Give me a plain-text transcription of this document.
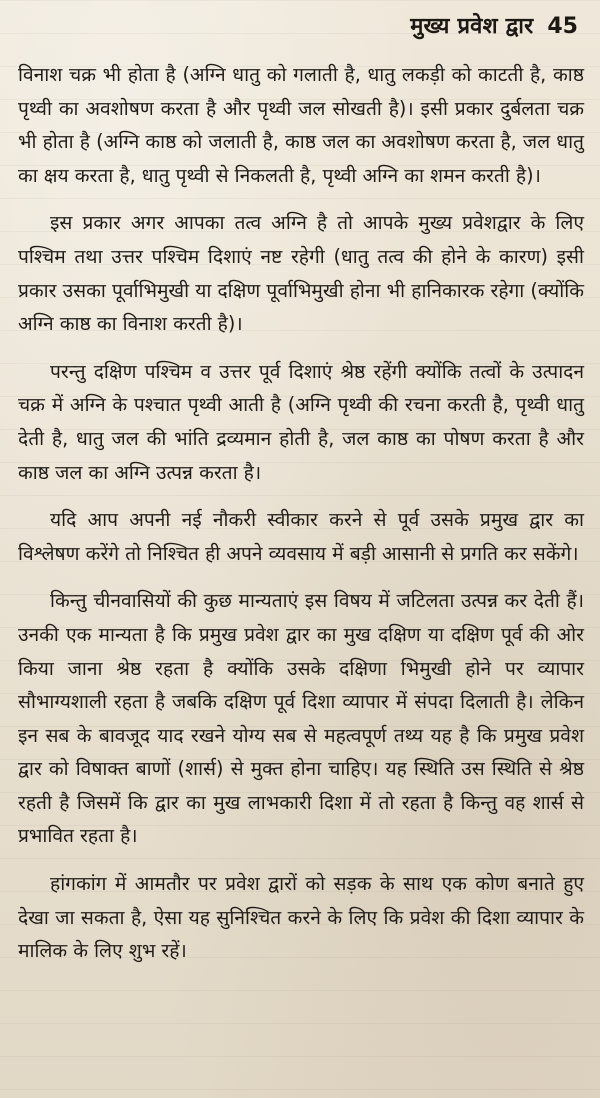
मुख्य प्रवेश द्वार 45

विनाश चक्र भी होता है (अग्नि धातु को गलाती है, धातु लकड़ी को काटती है, काष्ठ पृथ्वी का अवशोषण करता है और पृथ्वी जल सोखती है)। इसी प्रकार दुर्बलता चक्र भी होता है (अग्नि काष्ठ को जलाती है, काष्ठ जल का अवशोषण करता है, जल धातु का क्षय करता है, धातु पृथ्वी से निकलती है, पृथ्वी अग्नि का शमन करती है)।

इस प्रकार अगर आपका तत्व अग्नि है तो आपके मुख्य प्रवेशद्वार के लिए पश्चिम तथा उत्तर पश्चिम दिशाएं नष्ट रहेगी (धातु तत्व की होने के कारण) इसी प्रकार उसका पूर्वाभिमुखी या दक्षिण पूर्वाभिमुखी होना भी हानिकारक रहेगा (क्योंकि अग्नि काष्ठ का विनाश करती है)।

परन्तु दक्षिण पश्चिम व उत्तर पूर्व दिशाएं श्रेष्ठ रहेंगी क्योंकि तत्वों के उत्पादन चक्र में अग्नि के पश्चात पृथ्वी आती है (अग्नि पृथ्वी की रचना करती है, पृथ्वी धातु देती है, धातु जल की भांति द्रव्यमान होती है, जल काष्ठ का पोषण करता है और काष्ठ जल का अग्नि उत्पन्न करता है।

यदि आप अपनी नई नौकरी स्वीकार करने से पूर्व उसके प्रमुख द्वार का विश्लेषण करेंगे तो निश्चित ही अपने व्यवसाय में बड़ी आसानी से प्रगति कर सकेंगे।

किन्तु चीनवासियों की कुछ मान्यताएं इस विषय में जटिलता उत्पन्न कर देती हैं। उनकी एक मान्यता है कि प्रमुख प्रवेश द्वार का मुख दक्षिण या दक्षिण पूर्व की ओर किया जाना श्रेष्ठ रहता है क्योंकि उसके दक्षिणा भिमुखी होने पर व्यापार सौभाग्यशाली रहता है जबकि दक्षिण पूर्व दिशा व्यापार में संपदा दिलाती है। लेकिन इन सब के बावजूद याद रखने योग्य सब से महत्वपूर्ण तथ्य यह है कि प्रमुख प्रवेश द्वार को विषाक्त बाणों (शार्स) से मुक्त होना चाहिए। यह स्थिति उस स्थिति से श्रेष्ठ रहती है जिसमें कि द्वार का मुख लाभकारी दिशा में तो रहता है किन्तु वह शार्स से प्रभावित रहता है।

हांगकांग में आमतौर पर प्रवेश द्वारों को सड़क के साथ एक कोण बनाते हुए देखा जा सकता है, ऐसा यह सुनिश्चित करने के लिए कि प्रवेश की दिशा व्यापार के मालिक के लिए शुभ रहें।
